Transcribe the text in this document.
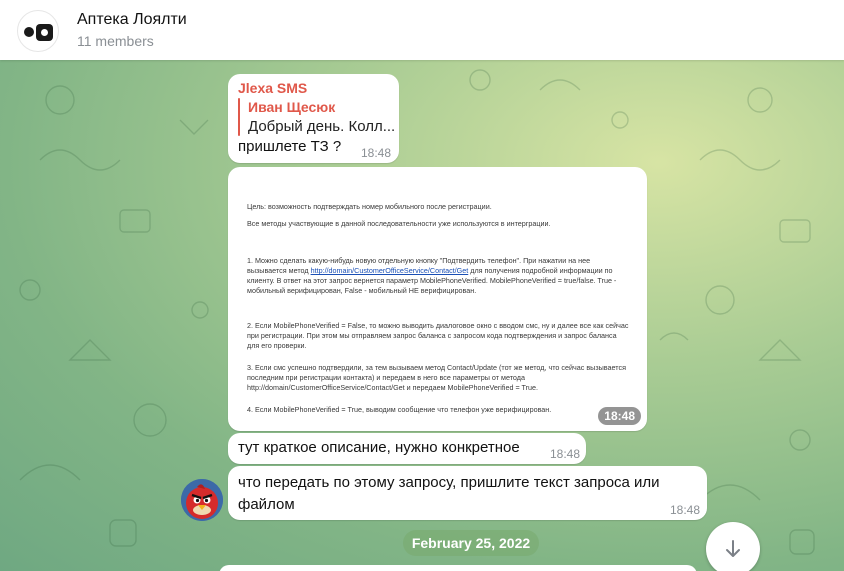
Аптека Лоялти
11 members
Jlexa SMS
Иван Щесюк
Добрый день. Колл...
пришлете ТЗ ? 18:48

Цель: возможность подтверждать номер мобильного после регистрации.

Все методы участвующие в данной последовательности уже используются в интерграции.

1. Можно сделать какую-нибудь новую отдельную кнопку "Подтвердить телефон". При нажатии на нее вызывается метод http://domain/CustomerOfficeService/Contact/Get для получения подробной информации по клиенту. В ответ на этот запрос вернется параметр MobilePhoneVerified. MobilePhoneVerified = true/false. True - мобильный верифицирован, False - мобильный НЕ верифицирован.

2. Если MobilePhoneVerified = False, то можно выводить диалоговое окно с вводом смс, ну и далее все как сейчас при регистрации. При этом мы отправляем запрос баланса с запросом кода подтверждения и запрос баланса для его проверки.

3. Если смс успешно подтвердили, за тем вызываем метод Contact/Update (тот же метод, что сейчас вызывается последним при регистрации контакта) и передаем в него все параметры от метода http://domain/CustomerOfficeService/Contact/Get и передаем MobilePhoneVerified = True.

4. Если MobilePhoneVerified = True, выводим сообщение что телефон уже верифицирован.	18:48
тут краткое описание, нужно конкретное	18:48
что передать по этому запросу, пришлите текст запроса или
файлом	18:48
February 25, 2022
